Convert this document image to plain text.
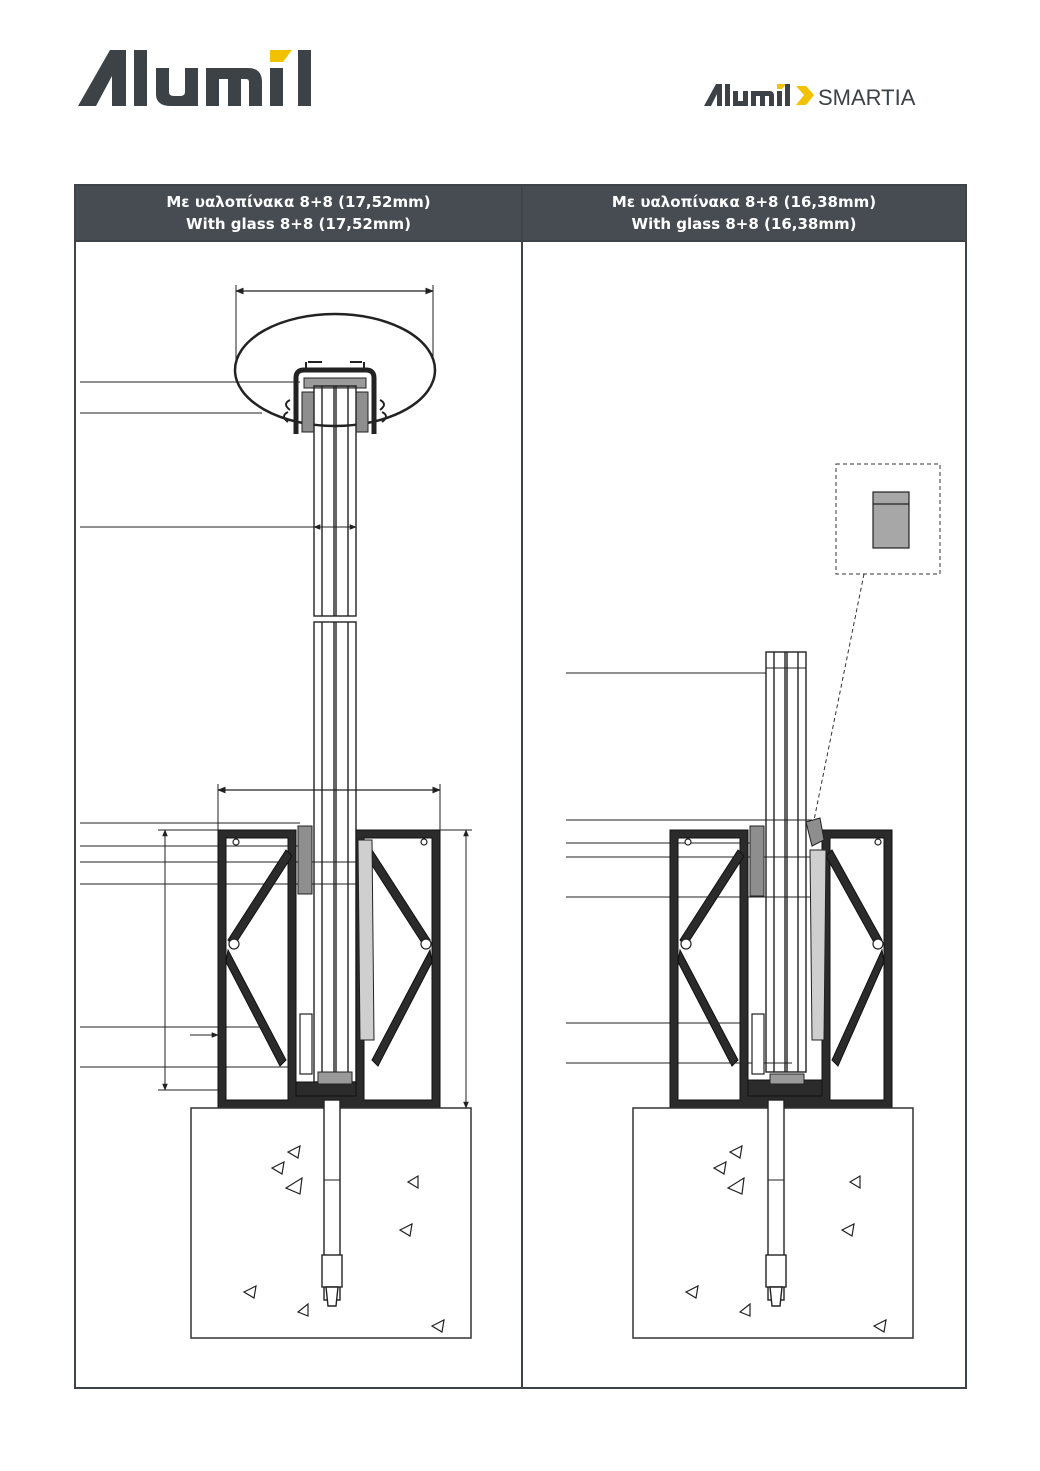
SMARTIA
Με υαλοπίνακα 8+8 (17,52mm)
With glass 8+8 (17,52mm)
Με υαλοπίνακα 8+8 (16,38mm)
With glass 8+8 (16,38mm)
